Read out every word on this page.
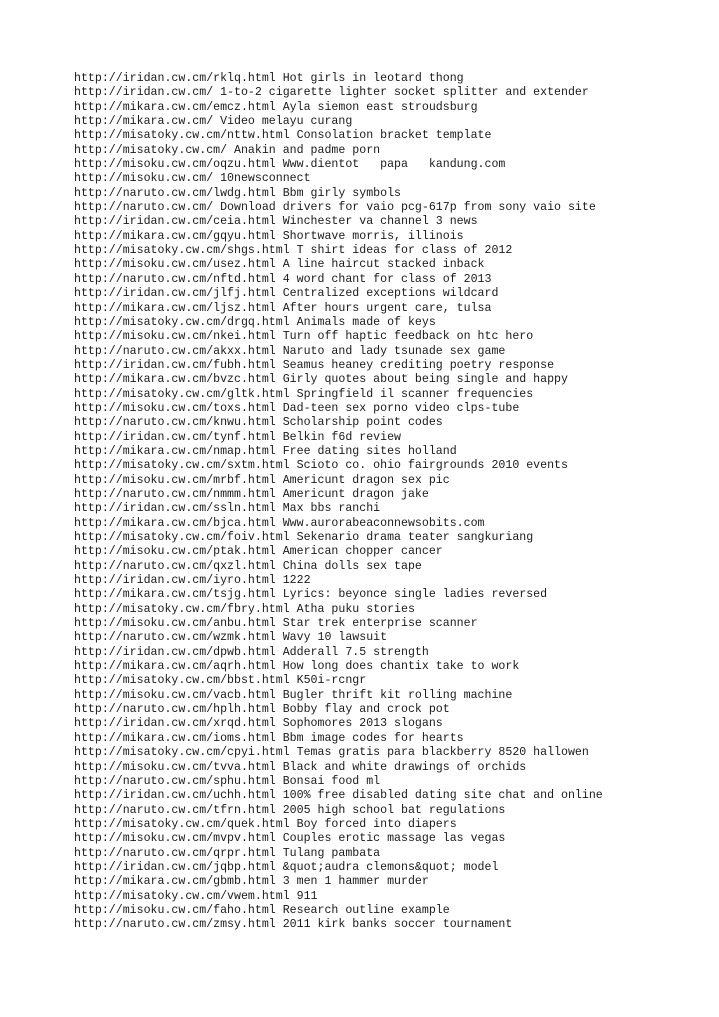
http://iridan.cw.cm/rklq.html Hot girls in leotard thong
http://iridan.cw.cm/ 1-to-2 cigarette lighter socket splitter and extender
http://mikara.cw.cm/emcz.html Ayla siemon east stroudsburg
http://mikara.cw.cm/ Video melayu curang
http://misatoky.cw.cm/nttw.html Consolation bracket template
http://misatoky.cw.cm/ Anakin and padme porn
http://misoku.cw.cm/oqzu.html Www.dientot   papa   kandung.com
http://misoku.cw.cm/ 10newsconnect
http://naruto.cw.cm/lwdg.html Bbm girly symbols
http://naruto.cw.cm/ Download drivers for vaio pcg-617p from sony vaio site
http://iridan.cw.cm/ceia.html Winchester va channel 3 news
http://mikara.cw.cm/gqyu.html Shortwave morris, illinois
http://misatoky.cw.cm/shgs.html T shirt ideas for class of 2012
http://misoku.cw.cm/usez.html A line haircut stacked inback
http://naruto.cw.cm/nftd.html 4 word chant for class of 2013
http://iridan.cw.cm/jlfj.html Centralized exceptions wildcard
http://mikara.cw.cm/ljsz.html After hours urgent care, tulsa
http://misatoky.cw.cm/drgq.html Animals made of keys
http://misoku.cw.cm/nkei.html Turn off haptic feedback on htc hero
http://naruto.cw.cm/akxx.html Naruto and lady tsunade sex game
http://iridan.cw.cm/fubh.html Seamus heaney crediting poetry response
http://mikara.cw.cm/bvzc.html Girly quotes about being single and happy
http://misatoky.cw.cm/gltk.html Springfield il scanner frequencies
http://misoku.cw.cm/toxs.html Dad-teen sex porno video clps-tube
http://naruto.cw.cm/knwu.html Scholarship point codes
http://iridan.cw.cm/tynf.html Belkin f6d review
http://mikara.cw.cm/nmap.html Free dating sites holland
http://misatoky.cw.cm/sxtm.html Scioto co. ohio fairgrounds 2010 events
http://misoku.cw.cm/mrbf.html Americunt dragon sex pic
http://naruto.cw.cm/nmmm.html Americunt dragon jake
http://iridan.cw.cm/ssln.html Max bbs ranchi
http://mikara.cw.cm/bjca.html Www.aurorabeaconnewsobits.com
http://misatoky.cw.cm/foiv.html Sekenario drama teater sangkuriang
http://misoku.cw.cm/ptak.html American chopper cancer
http://naruto.cw.cm/qxzl.html China dolls sex tape
http://iridan.cw.cm/iyro.html 1222
http://mikara.cw.cm/tsjg.html Lyrics: beyonce single ladies reversed
http://misatoky.cw.cm/fbry.html Atha puku stories
http://misoku.cw.cm/anbu.html Star trek enterprise scanner
http://naruto.cw.cm/wzmk.html Wavy 10 lawsuit
http://iridan.cw.cm/dpwb.html Adderall 7.5 strength
http://mikara.cw.cm/aqrh.html How long does chantix take to work
http://misatoky.cw.cm/bbst.html K50i-rcngr
http://misoku.cw.cm/vacb.html Bugler thrift kit rolling machine
http://naruto.cw.cm/hplh.html Bobby flay and crock pot
http://iridan.cw.cm/xrqd.html Sophomores 2013 slogans
http://mikara.cw.cm/ioms.html Bbm image codes for hearts
http://misatoky.cw.cm/cpyi.html Temas gratis para blackberry 8520 hallowen
http://misoku.cw.cm/tvva.html Black and white drawings of orchids
http://naruto.cw.cm/sphu.html Bonsai food ml
http://iridan.cw.cm/uchh.html 100% free disabled dating site chat and online
http://naruto.cw.cm/tfrn.html 2005 high school bat regulations
http://misatoky.cw.cm/quek.html Boy forced into diapers
http://misoku.cw.cm/mvpv.html Couples erotic massage las vegas
http://naruto.cw.cm/qrpr.html Tulang pambata
http://iridan.cw.cm/jqbp.html &quot;audra clemons&quot; model
http://mikara.cw.cm/gbmb.html 3 men 1 hammer murder
http://misatoky.cw.cm/vwem.html 911
http://misoku.cw.cm/faho.html Research outline example
http://naruto.cw.cm/zmsy.html 2011 kirk banks soccer tournament
